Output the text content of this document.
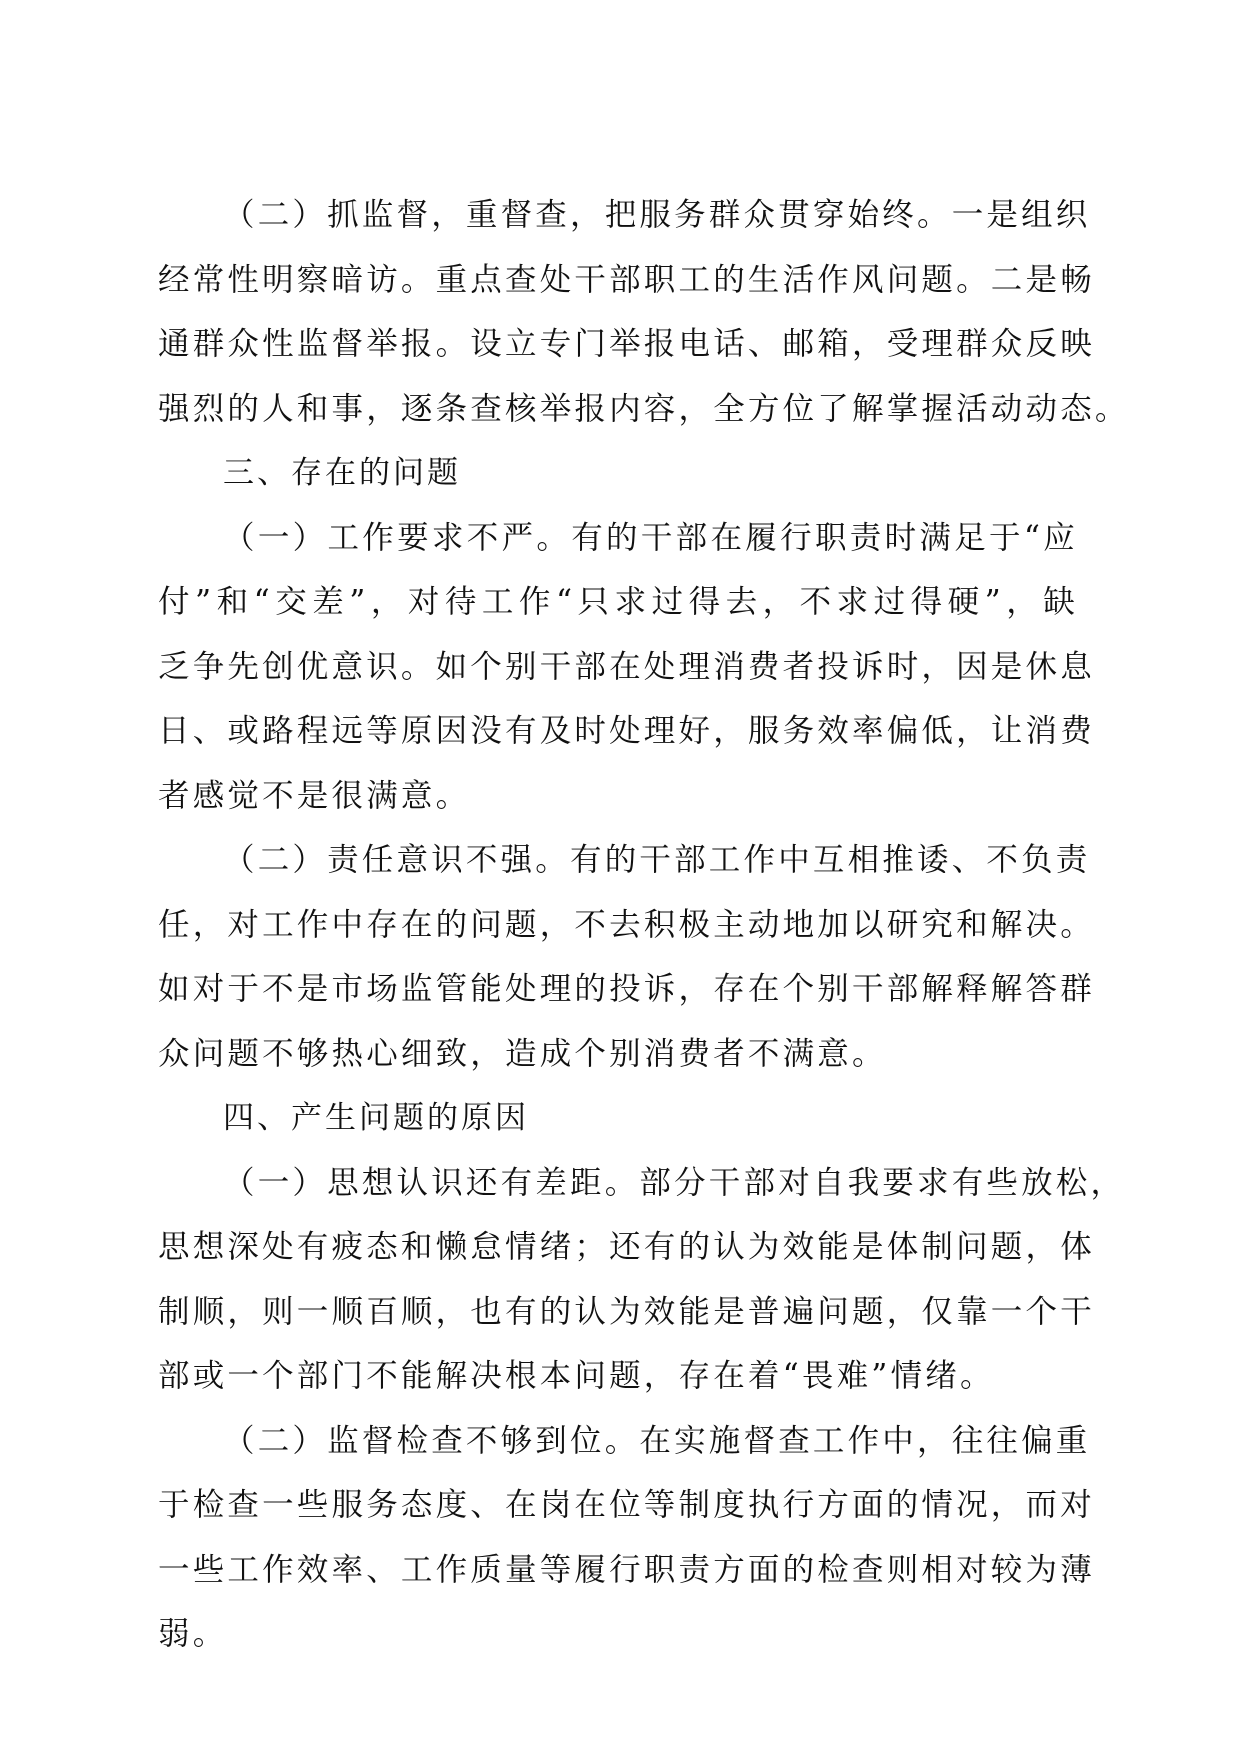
（二）抓监督，重督查，把服务群众贯穿始终。一是组织
经常性明察暗访。重点查处干部职工的生活作风问题。二是畅
通群众性监督举报。设立专门举报电话、邮箱，受理群众反映
强烈的人和事，逐条查核举报内容，全方位了解掌握活动动态。
三、存在的问题
（一）工作要求不严。有的干部在履行职责时满足于“应
付”和“交差”，对待工作“只求过得去，不求过得硬”，缺
乏争先创优意识。如个别干部在处理消费者投诉时，因是休息
日、或路程远等原因没有及时处理好，服务效率偏低，让消费
者感觉不是很满意。
（二）责任意识不强。有的干部工作中互相推诿、不负责
任，对工作中存在的问题，不去积极主动地加以研究和解决。
如对于不是市场监管能处理的投诉，存在个别干部解释解答群
众问题不够热心细致，造成个别消费者不满意。
四、产生问题的原因
（一）思想认识还有差距。部分干部对自我要求有些放松，
思想深处有疲态和懒怠情绪；还有的认为效能是体制问题，体
制顺，则一顺百顺，也有的认为效能是普遍问题，仅靠一个干
部或一个部门不能解决根本问题，存在着“畏难”情绪。
（二）监督检查不够到位。在实施督查工作中，往往偏重
于检查一些服务态度、在岗在位等制度执行方面的情况，而对
一些工作效率、工作质量等履行职责方面的检查则相对较为薄
弱。
